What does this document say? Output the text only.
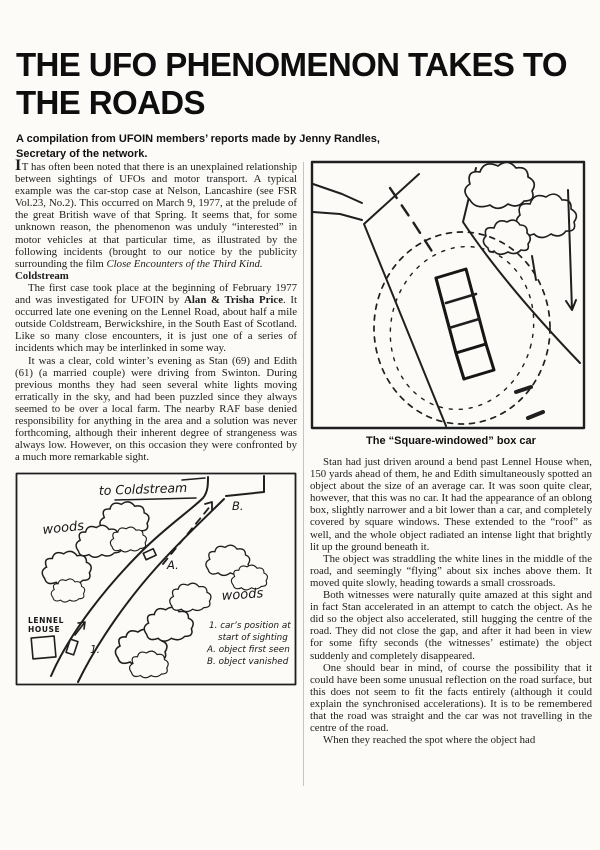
THE UFO PHENOMENON TAKES TO
THE ROADS
A compilation from UFOIN members’ reports made by Jenny Randles,
Secretary of the network.

IT has often been noted that there is an unexplained relationship between sightings of UFOs and motor transport. A typical example was the car-stop case at Nelson, Lancashire (see FSR Vol.23, No.2). This occurred on March 9, 1977, at the prelude of the great British wave of that Spring. It seems that, for some unknown reason, the phenomenon was unduly “interested” in motor vehicles at that particular time, as illustrated by the following incidents (brought to our notice by the publicity surrounding the film Close Encounters of the Third Kind.

Coldstream

The first case took place at the beginning of February 1977 and was investigated for UFOIN by Alan & Trisha Price. It occurred late one evening on the Lennel Road, about half a mile outside Coldstream, Berwickshire, in the South East of Scotland. Like so many close encounters, it is just one of a series of incidents which may be interlinked in some way.

It was a clear, cold winter’s evening as Stan (69) and Edith (61) (a married couple) were driving from Swinton. During previous months they had seen several white lights moving erratically in the sky, and had been puzzled since they always seemed to be over a local farm. The nearby RAF base denied responsibility for anything in the area and a solution was never forthcoming, although their inherent degree of strangeness was always low. However, on this occasion they were confronted by a much more remarkable sight.

LENNEL
HOUSE
to Coldstream
woods
woods
A.
B.
1.
1. car’s position at
start of sighting
A. object first seen
B. object vanished
The “Square-windowed” box car

Stan had just driven around a bend past Lennel House when, 150 yards ahead of them, he and Edith simultaneously spotted an object about the size of an average car. It was soon quite clear, however, that this was no car. It had the appearance of an oblong box, slightly narrower and a bit lower than a car, and completely covered by square windows. These extended to the “roof” as well, and the whole object radiated an intense light that brightly lit up the ground beneath it.

The object was straddling the white lines in the middle of the road, and seemingly “flying” about six inches above them. It moved quite slowly, heading towards a small crossroads.

Both witnesses were naturally quite amazed at this sight and in fact Stan accelerated in an attempt to catch the object. As he did so the object also accelerated, still hugging the centre of the road. They did not close the gap, and after it had been in view for some fifty seconds (the witnesses’ estimate) the object suddenly and completely disappeared.

One should bear in mind, of course the possibility that it could have been some unusual reflection on the road surface, but this does not seem to fit the facts entirely (although it could explain the synchronised accelerations). It is to be remembered that the road was straight and the car was not travelling in the centre of the road.

When they reached the spot where the object had
